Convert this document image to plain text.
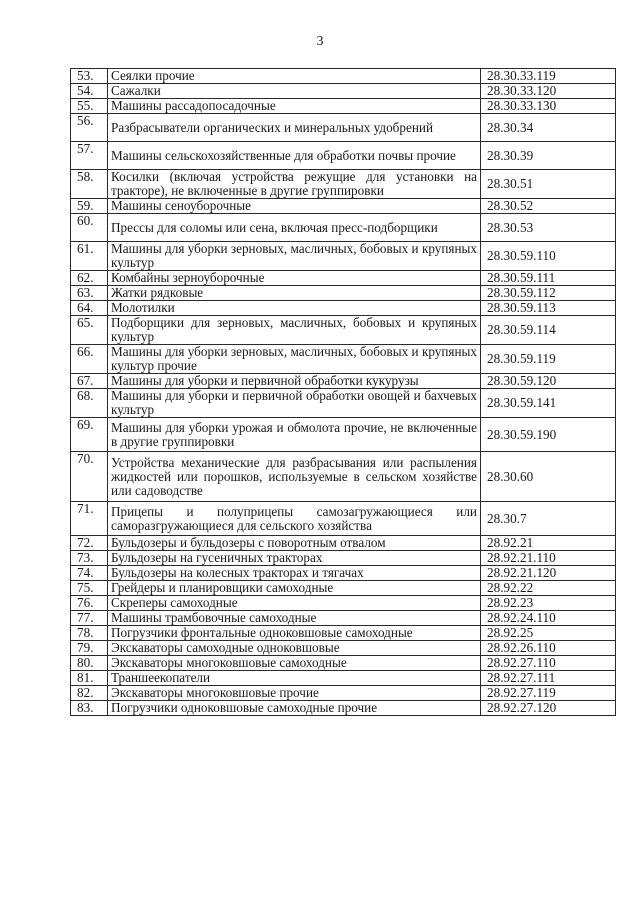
3
53.	Сеялки прочие	28.30.33.119
54.	Сажалки	28.30.33.120
55.	Машины рассадопосадочные	28.30.33.130
56.	Разбрасыватели органических и минеральных удобрений	28.30.34
57.	Машины сельскохозяйственные для обработки почвы прочие	28.30.39
58.	Косилки (включая устройства режущие для установки на тракторе), не включенные в другие группировки	28.30.51
59.	Машины сеноуборочные	28.30.52
60.	Прессы для соломы или сена, включая пресс-подборщики	28.30.53
61.	Машины для уборки зерновых, масличных, бобовых и крупяных культур	28.30.59.110
62.	Комбайны зерноуборочные	28.30.59.111
63.	Жатки рядковые	28.30.59.112
64.	Молотилки	28.30.59.113
65.	Подборщики для зерновых, масличных, бобовых и крупяных культур	28.30.59.114
66.	Машины для уборки зерновых, масличных, бобовых и крупяных культур прочие	28.30.59.119
67.	Машины для уборки и первичной обработки кукурузы	28.30.59.120
68.	Машины для уборки и первичной обработки овощей и бахчевых культур	28.30.59.141
69.	Машины для уборки урожая и обмолота прочие, не включенные в другие группировки	28.30.59.190
70.	Устройства механические для разбрасывания или распыления жидкостей или порошков, используемые в сельском хозяйстве или садоводстве	28.30.60
71.	Прицепы и полуприцепы самозагружающиеся или саморазгружающиеся для сельского хозяйства	28.30.7
72.	Бульдозеры и бульдозеры с поворотным отвалом	28.92.21
73.	Бульдозеры на гусеничных тракторах	28.92.21.110
74.	Бульдозеры на колесных тракторах и тягачах	28.92.21.120
75.	Грейдеры и планировщики самоходные	28.92.22
76.	Скреперы самоходные	28.92.23
77.	Машины трамбовочные самоходные	28.92.24.110
78.	Погрузчики фронтальные одноковшовые самоходные	28.92.25
79.	Экскаваторы самоходные одноковшовые	28.92.26.110
80.	Экскаваторы многоковшовые самоходные	28.92.27.110
81.	Траншеекопатели	28.92.27.111
82.	Экскаваторы многоковшовые прочие	28.92.27.119
83.	Погрузчики одноковшовые самоходные прочие	28.92.27.120
